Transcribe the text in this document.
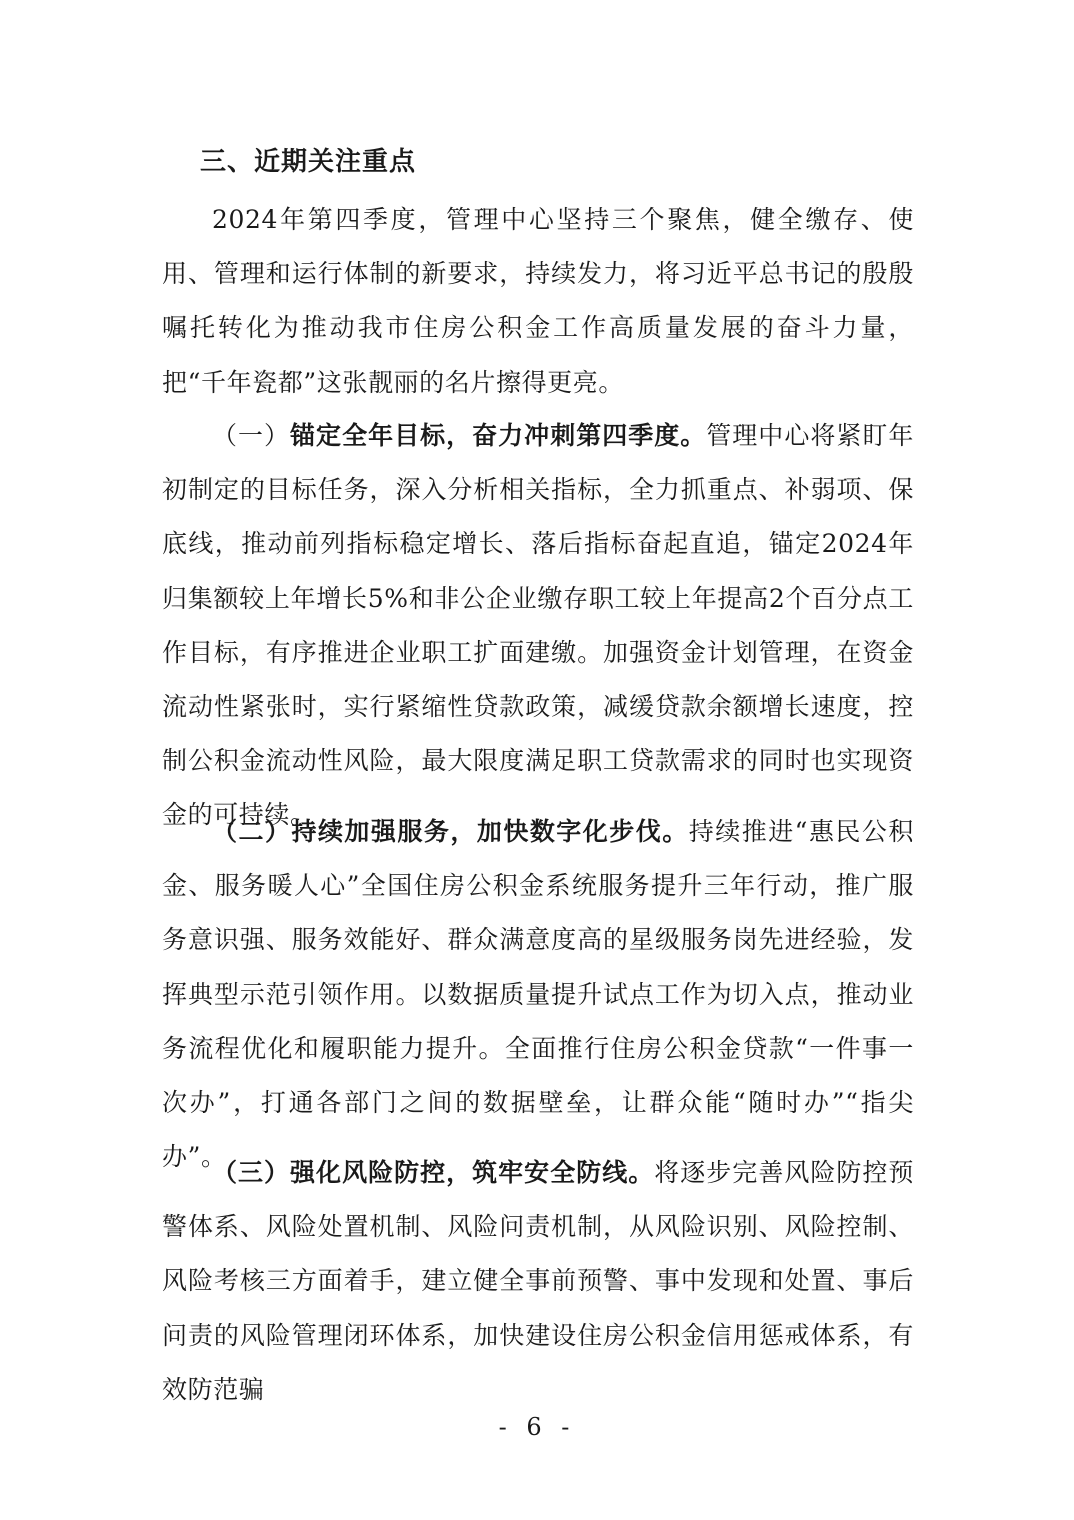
三、近期关注重点

2024年第四季度，管理中心坚持三个聚焦，健全缴存、使用、管理和运行体制的新要求，持续发力，将习近平总书记的殷殷嘱托转化为推动我市住房公积金工作高质量发展的奋斗力量，把“千年瓷都”这张靓丽的名片擦得更亮。

（一）锚定全年目标，奋力冲刺第四季度。管理中心将紧盯年初制定的目标任务，深入分析相关指标，全力抓重点、补弱项、保底线，推动前列指标稳定增长、落后指标奋起直追，锚定2024年归集额较上年增长5%和非公企业缴存职工较上年提高2个百分点工作目标，有序推进企业职工扩面建缴。加强资金计划管理，在资金流动性紧张时，实行紧缩性贷款政策，减缓贷款余额增长速度，控制公积金流动性风险，最大限度满足职工贷款需求的同时也实现资金的可持续。

（二）持续加强服务，加快数字化步伐。持续推进“惠民公积金、服务暖人心”全国住房公积金系统服务提升三年行动，推广服务意识强、服务效能好、群众满意度高的星级服务岗先进经验，发挥典型示范引领作用。以数据质量提升试点工作为切入点，推动业务流程优化和履职能力提升。全面推行住房公积金贷款“一件事一次办”，打通各部门之间的数据壁垒，让群众能“随时办”“指尖办”。

（三）强化风险防控，筑牢安全防线。将逐步完善风险防控预警体系、风险处置机制、风险问责机制，从风险识别、风险控制、风险考核三方面着手，建立健全事前预警、事中发现和处置、事后问责的风险管理闭环体系，加快建设住房公积金信用惩戒体系，有效防范骗

- 6 -
